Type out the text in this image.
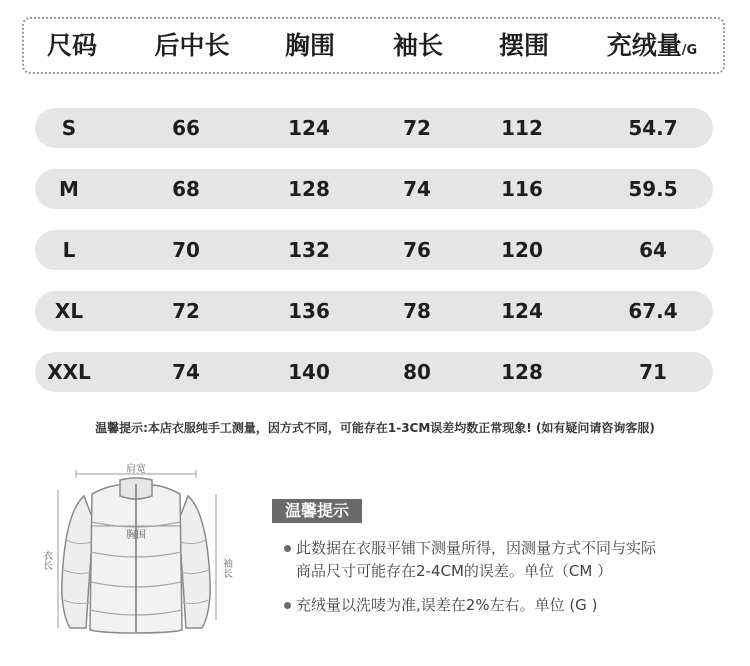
尺码 后中长 胸围 袖长 摆围 充绒量/G
S	66	124	72	112	54.7
M	68	128	74	116	59.5
L	70	132	76	120	64
XL	72	136	78	124	67.4
XXL	74	140	80	128	71
温馨提示:本店衣服纯手工测量，因方式不同，可能存在1-3CM误差均数正常现象! (如有疑问请咨询客服)
肩宽
胸围
衣长	袖长
温馨提示
此数据在衣服平铺下测量所得，因测量方式不同与实际
商品尺寸可能存在2-4CM的误差。单位（CM ）
充绒量以洗唛为准,误差在2%左右。单位 (G )
